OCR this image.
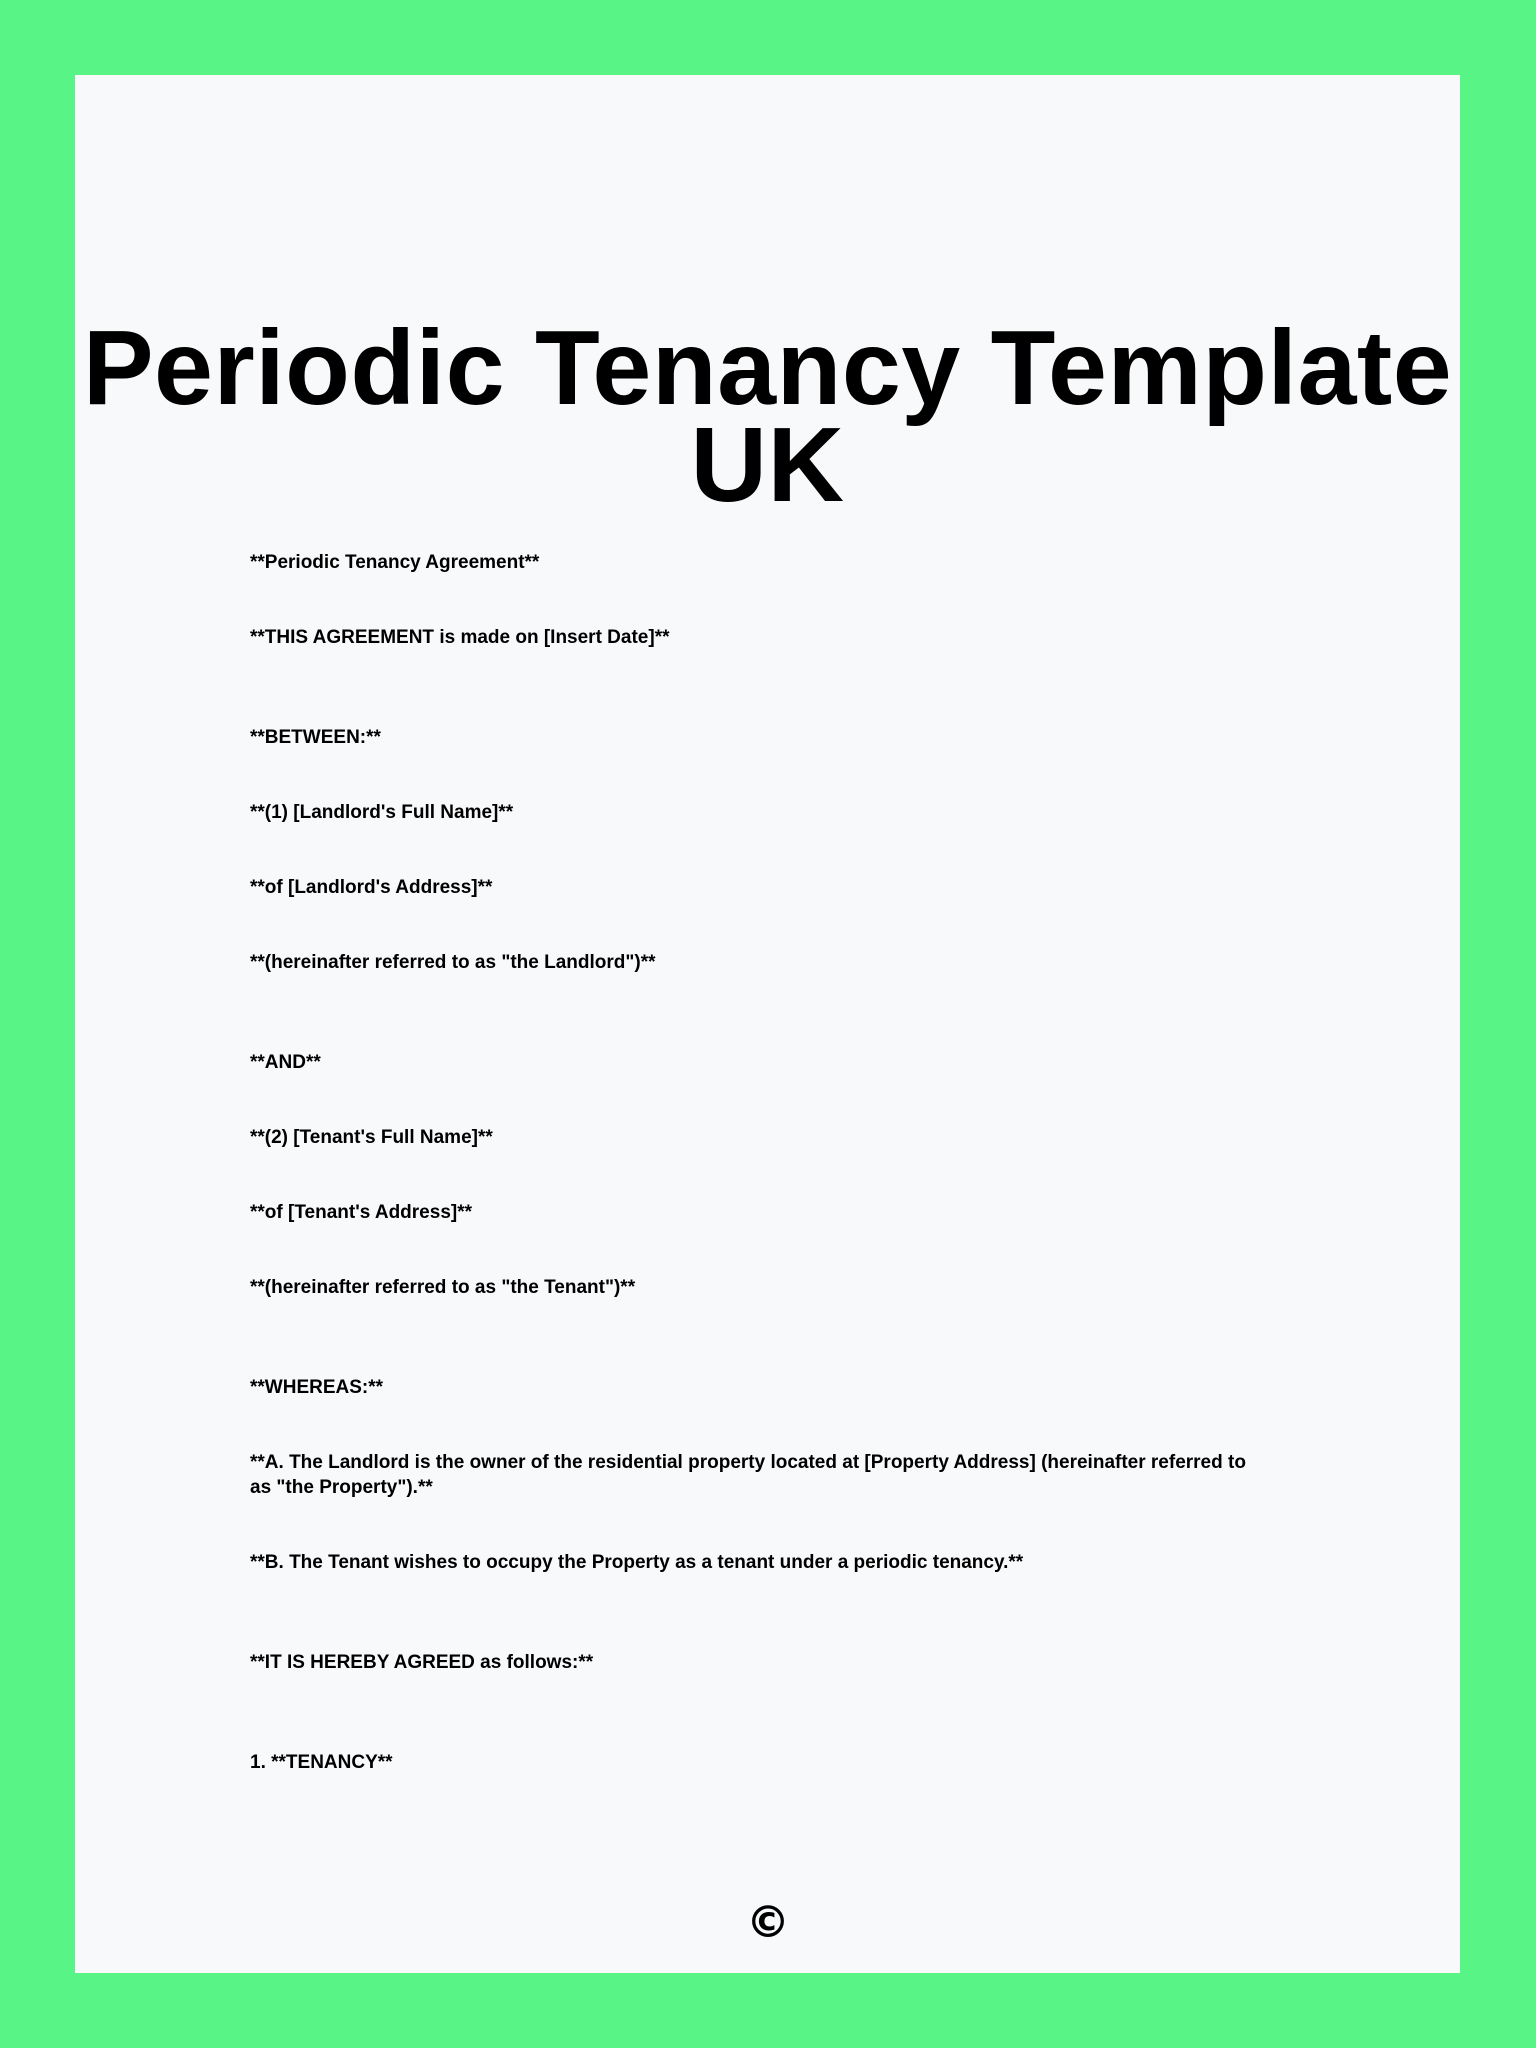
Periodic Tenancy Template UK

**Periodic Tenancy Agreement**

**THIS AGREEMENT is made on [Insert Date]**

**BETWEEN:**

**(1) [Landlord's Full Name]**

**of [Landlord's Address]**

**(hereinafter referred to as "the Landlord")**

**AND**

**(2) [Tenant's Full Name]**

**of [Tenant's Address]**

**(hereinafter referred to as "the Tenant")**

**WHEREAS:**

**A. The Landlord is the owner of the residential property located at [Property Address] (hereinafter referred to as "the Property").**

**B. The Tenant wishes to occupy the Property as a tenant under a periodic tenancy.**

**IT IS HEREBY AGREED as follows:**

1. **TENANCY**

©
